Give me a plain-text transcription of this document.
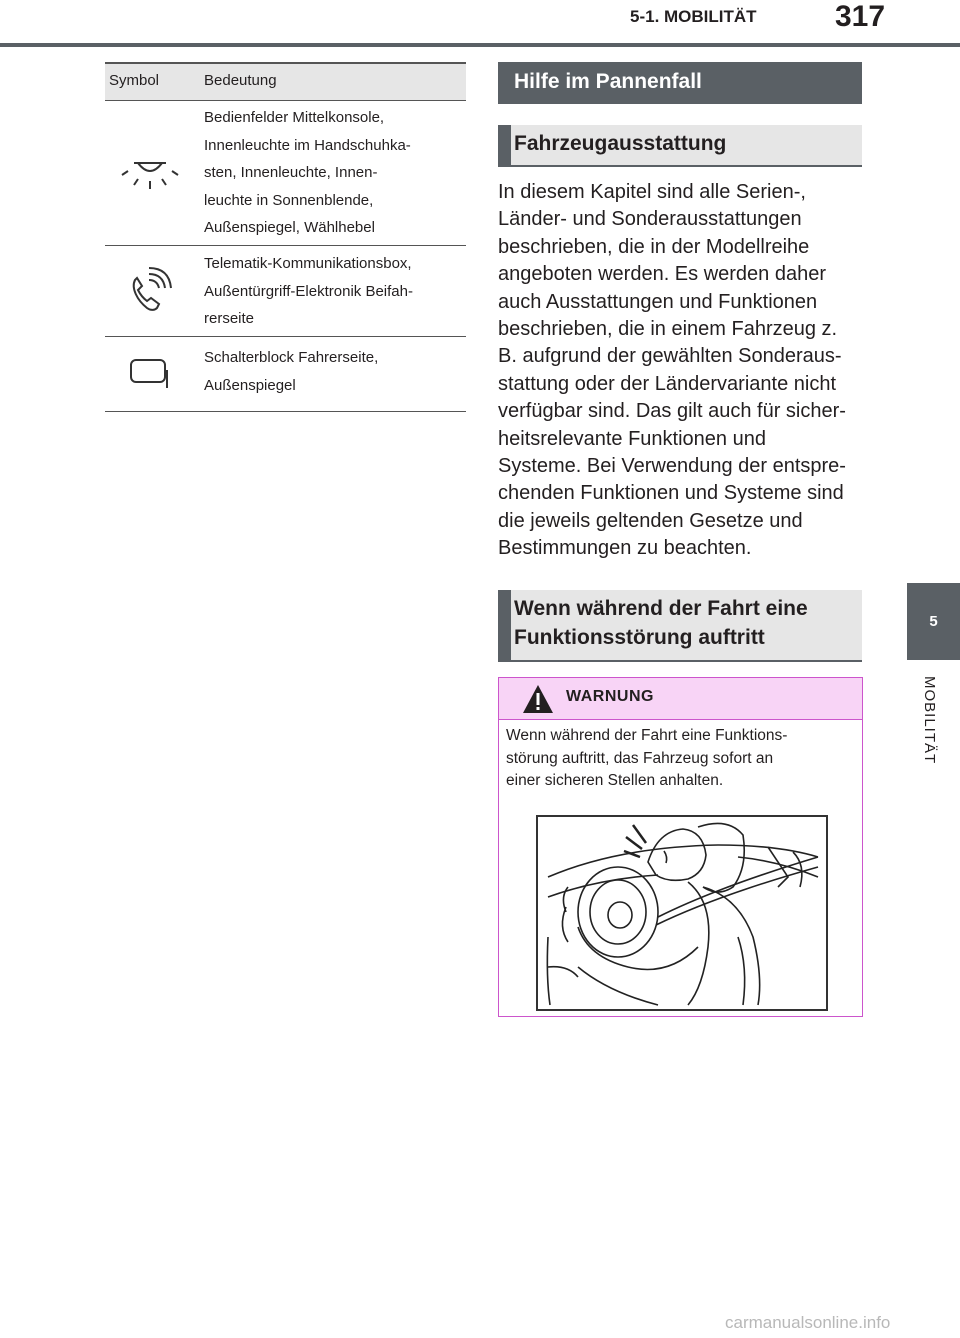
5-1. MOBILITÄT	317
5
MOBILITÄT
Symbol	Bedeutung
Bedienfelder Mittelkonsole,
Innenleuchte im Handschuhka-
sten, Innenleuchte, Innen-
leuchte in Sonnenblende,
Außenspiegel, Wählhebel
Telematik-Kommunikationsbox,
Außentürgriff-Elektronik Beifah-
rerseite
Schalterblock Fahrerseite,
Außenspiegel
Hilfe im Pannenfall
Fahrzeugausstattung
In diesem Kapitel sind alle Serien-,
Länder- und Sonderausstattungen
beschrieben, die in der Modellreihe
angeboten werden. Es werden daher
auch Ausstattungen und Funktionen
beschrieben, die in einem Fahrzeug z.
B. aufgrund der gewählten Sonderaus-
stattung oder der Ländervariante nicht
verfügbar sind. Das gilt auch für sicher-
heitsrelevante Funktionen und
Systeme. Bei Verwendung der entspre-
chenden Funktionen und Systeme sind
die jeweils geltenden Gesetze und
Bestimmungen zu beachten.
Wenn während der Fahrt eine
Funktionsstörung auftritt
WARNUNG
Wenn während der Fahrt eine Funktions-
störung auftritt, das Fahrzeug sofort an
einer sicheren Stellen anhalten.
carmanualsonline.info
